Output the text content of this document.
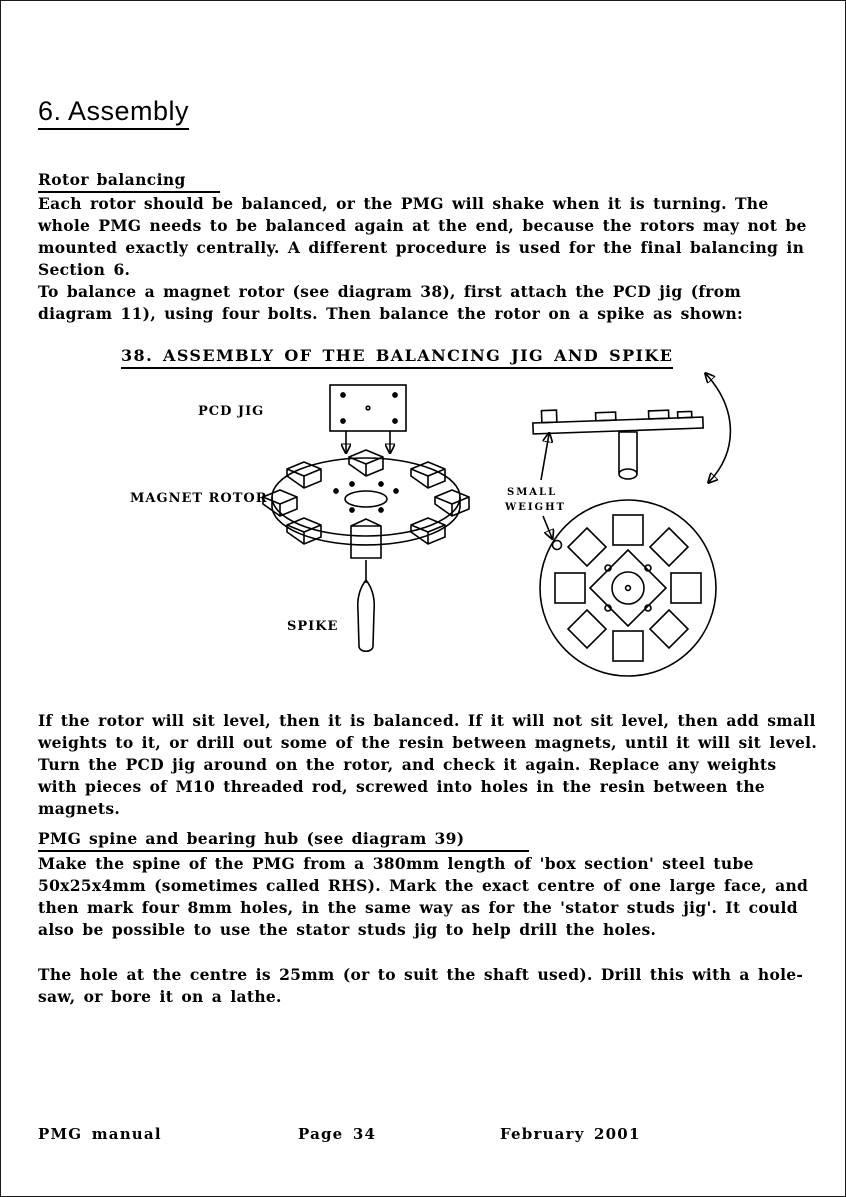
6. Assembly
Rotor balancing

Each rotor should be balanced, or the PMG will shake when it is turning. The whole PMG needs to be balanced again at the end, because the rotors may not be mounted exactly centrally. A different procedure is used for the final balancing in Section 6.

To balance a magnet rotor (see diagram 38), first attach the PCD jig (from diagram 11), using four bolts. Then balance the rotor on a spike as shown:

38. ASSEMBLY OF THE BALANCING JIG AND SPIKE
PCD JIG
MAGNET ROTOR
SPIKE
SMALL
WEIGHT

If the rotor will sit level, then it is balanced. If it will not sit level, then add small weights to it, or drill out some of the resin between magnets, until it will sit level. Turn the PCD jig around on the rotor, and check it again. Replace any weights with pieces of M10 threaded rod, screwed into holes in the resin between the magnets.

PMG spine and bearing hub (see diagram 39)

Make the spine of the PMG from a 380mm length of 'box section' steel tube 50x25x4mm (sometimes called RHS). Mark the exact centre of one large face, and then mark four 8mm holes, in the same way as for the 'stator studs jig'. It could also be possible to use the stator studs jig to help drill the holes.

The hole at the centre is 25mm (or to suit the shaft used). Drill this with a hole-saw, or bore it on a lathe.

PMG manual	Page 34	February 2001
